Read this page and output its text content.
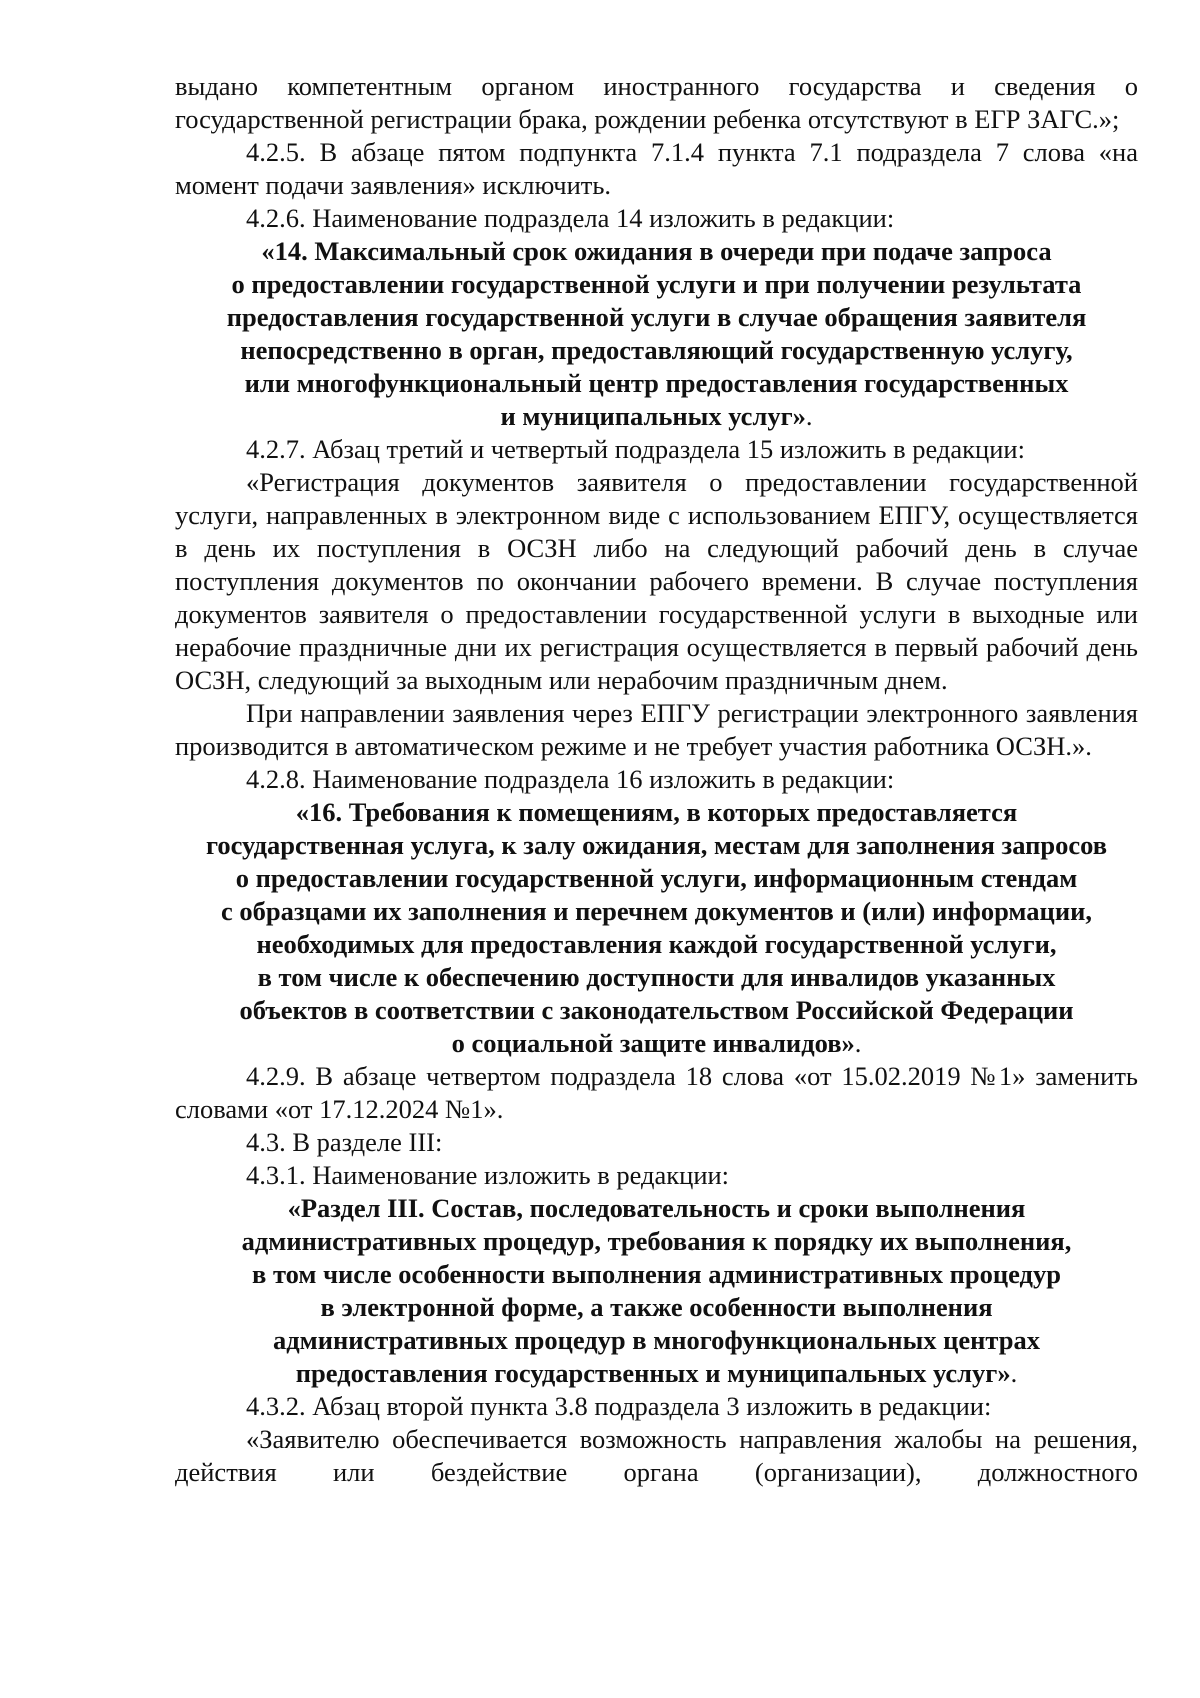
выдано компетентным органом иностранного государства и сведения о государственной регистрации брака, рождении ребенка отсутствуют в ЕГР ЗАГС.»;

4.2.5. В абзаце пятом подпункта 7.1.4 пункта 7.1 подраздела 7 слова «на момент подачи заявления» исключить.

4.2.6. Наименование подраздела 14 изложить в редакции:

«14. Максимальный срок ожидания в очереди при подаче запроса
о предоставлении государственной услуги и при получении результата
предоставления государственной услуги в случае обращения заявителя
непосредственно в орган, предоставляющий государственную услугу,
или многофункциональный центр предоставления государственных
и муниципальных услуг».

4.2.7. Абзац третий и четвертый подраздела 15 изложить в редакции:

«Регистрация документов заявителя о предоставлении государственной услуги, направленных в электронном виде с использованием ЕПГУ, осуществляется в день их поступления в ОСЗН либо на следующий рабочий день в случае поступления документов по окончании рабочего времени. В случае поступления документов заявителя о предоставлении государственной услуги в выходные или нерабочие праздничные дни их регистрация осуществляется в первый рабочий день ОСЗН, следующий за выходным или нерабочим праздничным днем.

При направлении заявления через ЕПГУ регистрации электронного заявления производится в автоматическом режиме и не требует участия работника ОСЗН.».

4.2.8. Наименование подраздела 16 изложить в редакции:

«16. Требования к помещениям, в которых предоставляется
государственная услуга, к залу ожидания, местам для заполнения запросов
о предоставлении государственной услуги, информационным стендам
с образцами их заполнения и перечнем документов и (или) информации,
необходимых для предоставления каждой государственной услуги,
в том числе к обеспечению доступности для инвалидов указанных
объектов в соответствии с законодательством Российской Федерации
о социальной защите инвалидов».

4.2.9. В абзаце четвертом подраздела 18 слова «от 15.02.2019 №1» заменить словами «от 17.12.2024 №1».

4.3. В разделе III:

4.3.1. Наименование изложить в редакции:

«Раздел III. Состав, последовательность и сроки выполнения
административных процедур, требования к порядку их выполнения,
в том числе особенности выполнения административных процедур
в электронной форме, а также особенности выполнения
административных процедур в многофункциональных центрах
предоставления государственных и муниципальных услуг».

4.3.2. Абзац второй пункта 3.8 подраздела 3 изложить в редакции:

«Заявителю обеспечивается возможность направления жалобы на решения, действия или бездействие органа (организации), должностного
